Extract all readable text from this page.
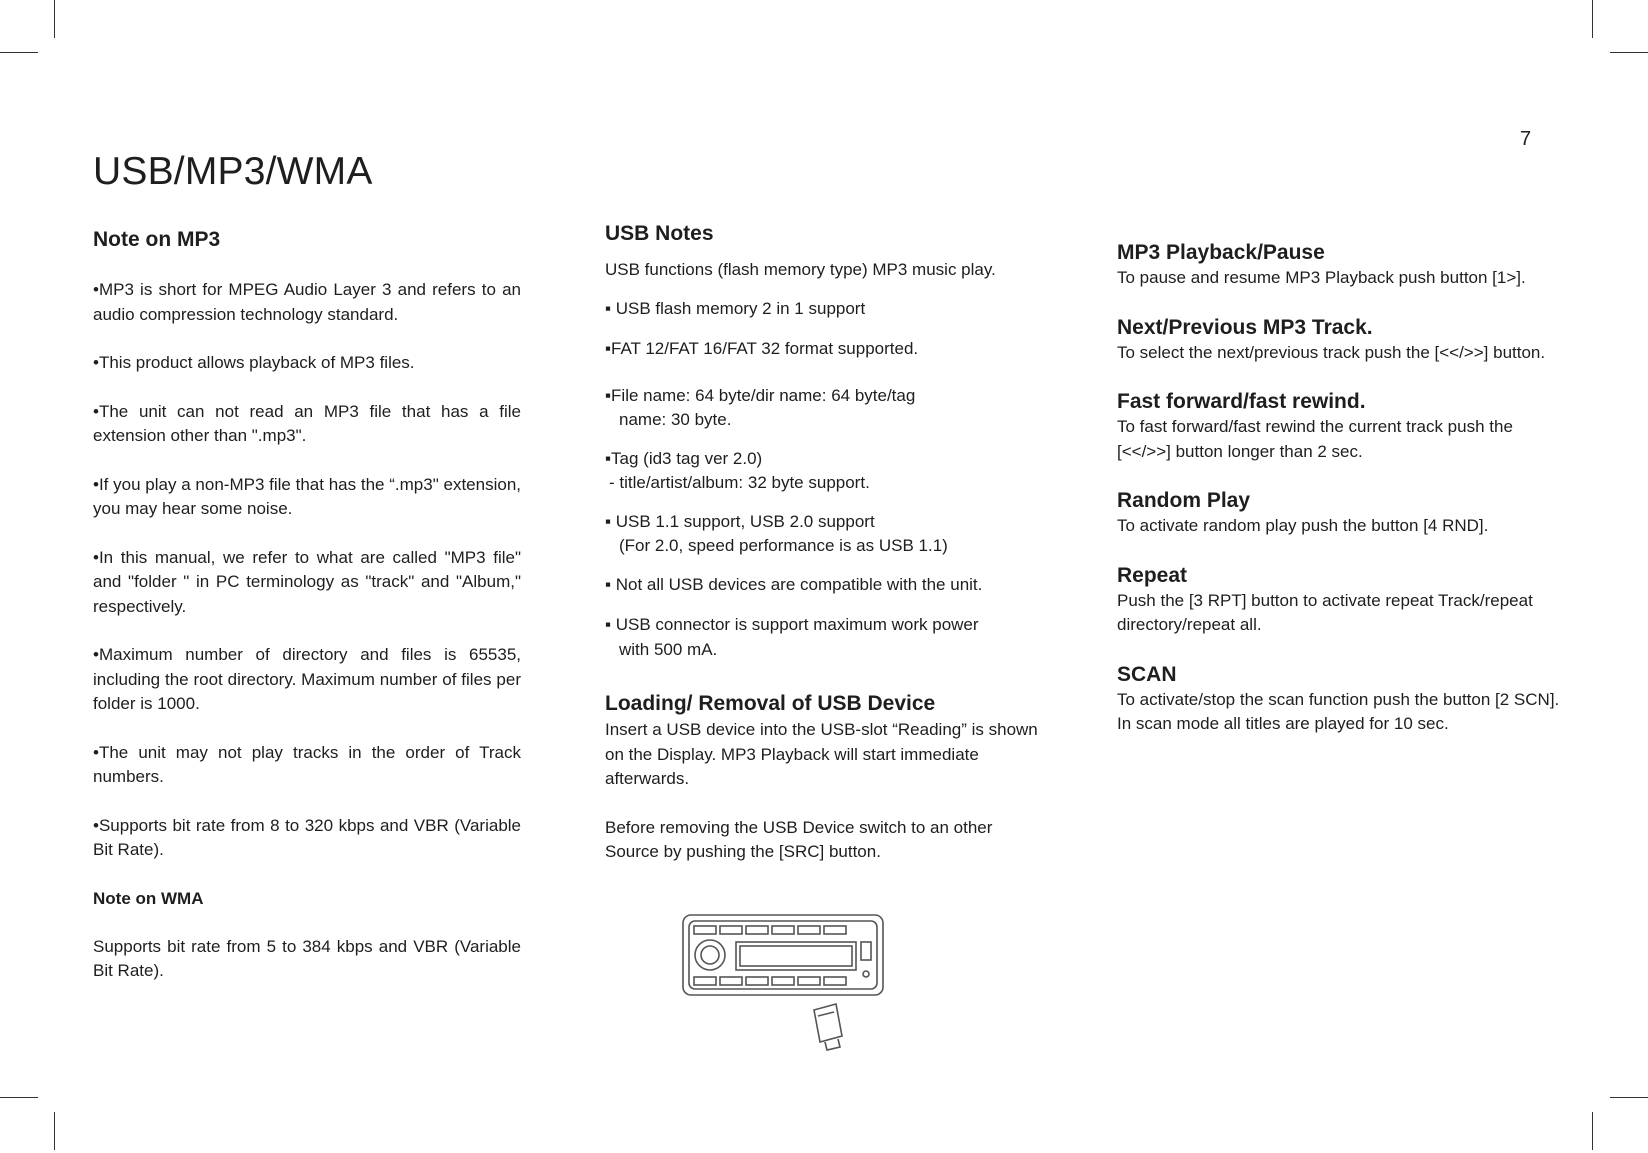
7
USB/MP3/WMA
Note on MP3

•MP3 is short for MPEG Audio Layer 3 and refers to an audio compression technology standard.

•This product allows playback of MP3 files.

•The unit can not read an MP3 file that has a file extension other than ".mp3".

•If you play a non-MP3 file that has the “.mp3" extension, you may hear some noise.

•In this manual, we refer to what are called "MP3 file" and "folder " in PC terminology as "track" and "Album," respectively.

•Maximum number of directory and files is 65535, including the root directory. Maximum number of files per folder is 1000.

•The unit may not play tracks in the order of Track numbers.

•Supports bit rate from 8 to 320 kbps and VBR (Variable Bit Rate).

Note on WMA

Supports bit rate from 5 to 384 kbps and VBR (Variable Bit Rate).

USB Notes

USB functions (flash memory type) MP3 music play.

▪ USB flash memory 2 in 1 support

▪FAT 12/FAT 16/FAT 32 format supported.

▪File name: 64 byte/dir name: 64 byte/tag

name: 30 byte.

▪Tag (id3 tag ver 2.0)

- title/artist/album: 32 byte support.

▪ USB 1.1 support, USB 2.0 support

(For 2.0, speed performance is as USB 1.1)

▪ Not all USB devices are compatible with the unit.

▪ USB connector is support maximum work power

with 500 mA.

Loading/ Removal of USB Device

Insert a USB device into the USB-slot “Reading” is shown on the Display. MP3 Playback will start immediate afterwards.

Before removing the USB Device switch to an other Source by pushing the [SRC] button.

MP3 Playback/Pause

To pause and resume MP3 Playback push button [1>].

Next/Previous MP3 Track.

To select the next/previous track push the [<</>>] button.

Fast forward/fast rewind.

To fast forward/fast rewind the current track push the [<</>>] button longer than 2 sec.

Random Play

To activate random play push the button [4 RND].

Repeat

Push the [3 RPT] button to activate repeat Track/repeat directory/repeat all.

SCAN

To activate/stop the scan function push the button [2 SCN]. In scan mode all titles are played for 10 sec.
